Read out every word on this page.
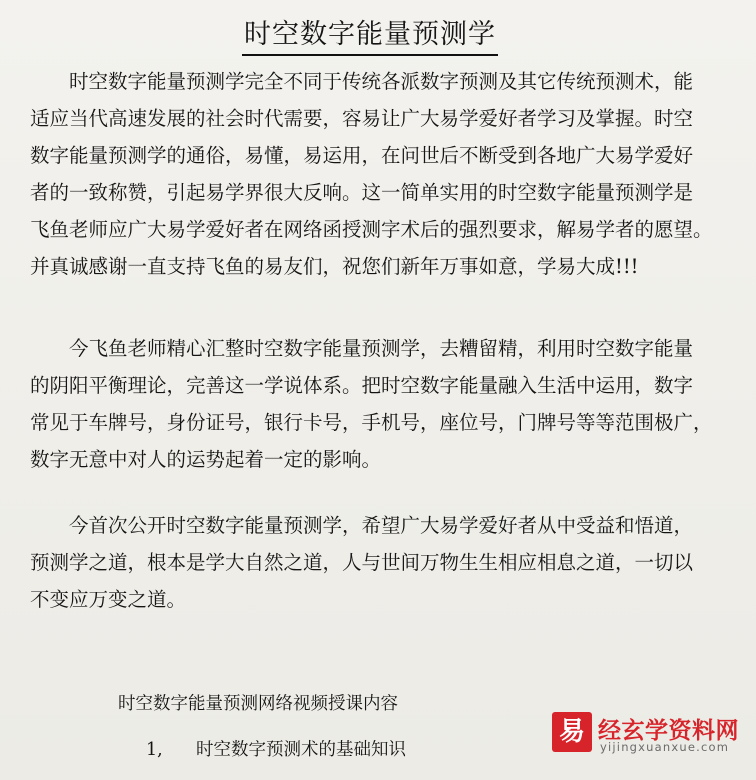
时空数字能量预测学

　　时空数字能量预测学完全不同于传统各派数字预测及其它传统预测术，能
适应当代高速发展的社会时代需要，容易让广大易学爱好者学习及掌握。时空
数字能量预测学的通俗，易懂，易运用，在问世后不断受到各地广大易学爱好
者的一致称赞，引起易学界很大反响。这一简单实用的时空数字能量预测学是
飞鱼老师应广大易学爱好者在网络函授测字术后的强烈要求，解易学者的愿望。
并真诚感谢一直支持飞鱼的易友们，祝您们新年万事如意，学易大成!!!

　　今飞鱼老师精心汇整时空数字能量预测学，去糟留精，利用时空数字能量
的阴阳平衡理论，完善这一学说体系。把时空数字能量融入生活中运用，数字
常见于车牌号，身份证号，银行卡号，手机号，座位号，门牌号等等范围极广，
数字无意中对人的运势起着一定的影响。

　　今首次公开时空数字能量预测学，希望广大易学爱好者从中受益和悟道，
预测学之道，根本是学大自然之道，人与世间万物生生相应相息之道，一切以
不变应万变之道。

时空数字能量预测网络视频授课内容

1, 时空数字预测术的基础知识
易 经玄学资料网
yijingxuanxue.com
